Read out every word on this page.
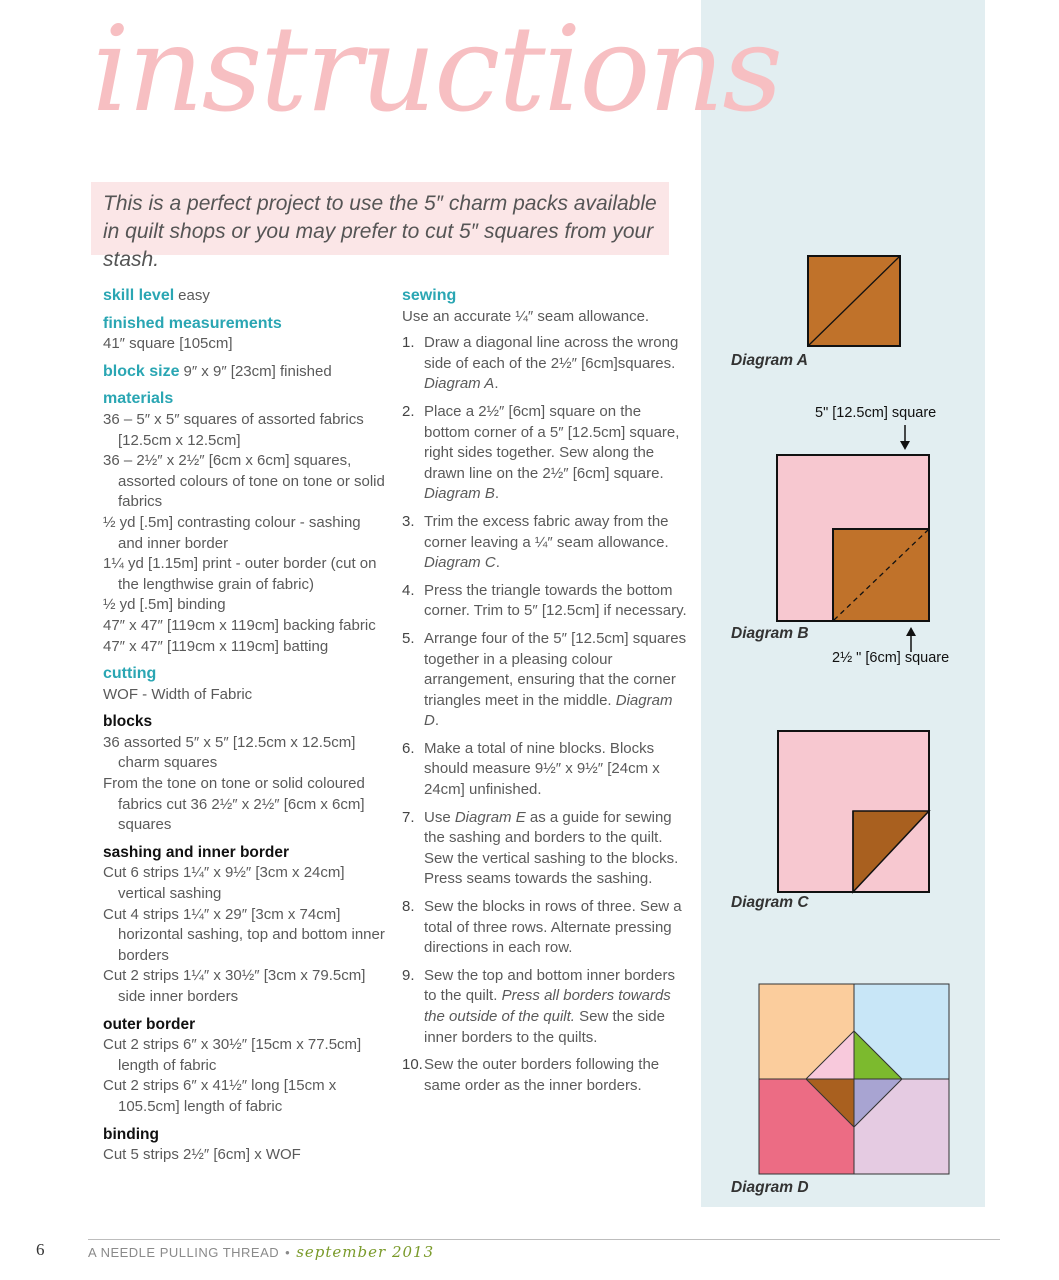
instructions
This is a perfect project to use the 5″ charm packs available in quilt shops or you may prefer to cut 5″ squares from your stash.
skill level easy
finished measurements
41″ square [105cm]
block size 9″ x 9″ [23cm] finished
materials
36 – 5″ x 5″ squares of assorted fabrics [12.5cm x 12.5cm]
36 – 2½″ x 2½″ [6cm x 6cm] squares, assorted colours of tone on tone or solid fabrics
½ yd [.5m] contrasting colour - sashing and inner border
1¼ yd [1.15m] print - outer border (cut on the lengthwise grain of fabric)
½ yd [.5m] binding
47″ x 47″ [119cm x 119cm] backing fabric
47″ x 47″ [119cm x 119cm] batting
cutting
WOF - Width of Fabric
blocks
36 assorted 5″ x 5″ [12.5cm x 12.5cm] charm squares
From the tone on tone or solid coloured fabrics cut 36 2½″ x 2½″ [6cm x 6cm] squares
sashing and inner border
Cut 6 strips 1¼″ x 9½″ [3cm x 24cm] vertical sashing
Cut 4 strips 1¼″ x 29″ [3cm x 74cm] horizontal sashing, top and bottom inner borders
Cut 2 strips 1¼″ x 30½″ [3cm x 79.5cm] side inner borders
outer border
Cut 2 strips 6″ x 30½″ [15cm x 77.5cm] length of fabric
Cut 2 strips 6″ x 41½″ long [15cm x 105.5cm] length of fabric
binding
Cut 5 strips 2½″ [6cm] x WOF
sewing
Use an accurate ¼″ seam allowance.
1. Draw a diagonal line across the wrong side of each of the 2½″ [6cm]squares. Diagram A.
2. Place a 2½″ [6cm] square on the bottom corner of a 5″ [12.5cm] square, right sides together. Sew along the drawn line on the 2½″ [6cm] square. Diagram B.
3. Trim the excess fabric away from the corner leaving a ¼″ seam allowance. Diagram C.
4. Press the triangle towards the bottom corner. Trim to 5″ [12.5cm] if necessary.
5. Arrange four of the 5″ [12.5cm] squares together in a pleasing colour arrangement, ensuring that the corner triangles meet in the middle. Diagram D.
6. Make a total of nine blocks. Blocks should measure 9½″ x 9½″ [24cm x 24cm] unfinished.
7. Use Diagram E as a guide for sewing the sashing and borders to the quilt. Sew the vertical sashing to the blocks. Press seams towards the sashing.
8. Sew the blocks in rows of three. Sew a total of three rows. Alternate pressing directions in each row.
9. Sew the top and bottom inner borders to the quilt. Press all borders towards the outside of the quilt. Sew the side inner borders to the quilts.
10. Sew the outer borders following the same order as the inner borders.
Diagram A
5" [12.5cm] square
Diagram B
2½ " [6cm] square
Diagram C
Diagram D
6	A NEEDLE PULLING THREAD • september 2013
